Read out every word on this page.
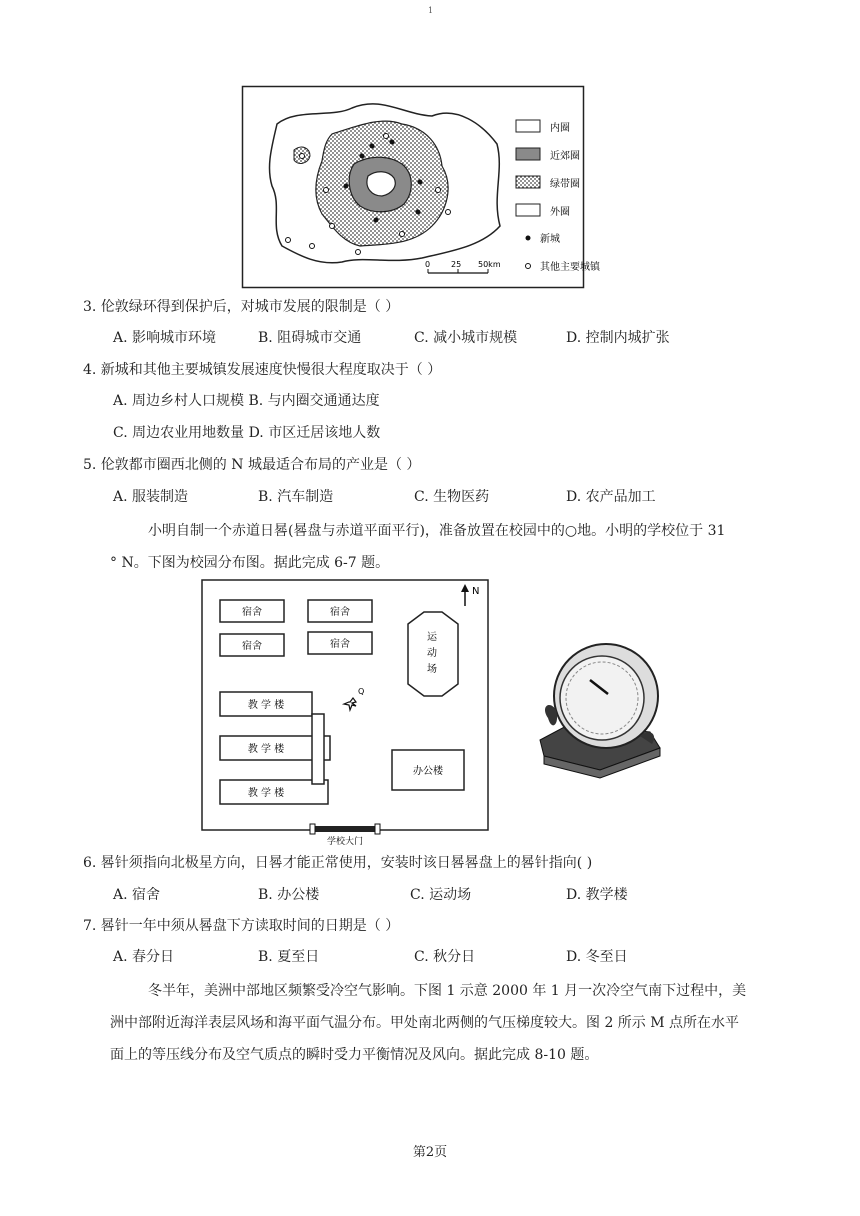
1
内圈
近郊圈
绿带圈
外圈
新城
其他主要城镇
0	25 50km
3. 伦敦绿环得到保护后，对城市发展的限制是（ ）
A. 影响城市环境	B. 阻碍城市交通	C. 减小城市规模	D. 控制内城扩张
4. 新城和其他主要城镇发展速度快慢很大程度取决于（ ）
A. 周边乡村人口规模 B. 与内圈交通通达度
C. 周边农业用地数量 D. 市区迁居该地人数
5. 伦敦都市圈西北侧的 N 城最适合布局的产业是（ ）
A. 服装制造	B. 汽车制造	C. 生物医药	D. 农产品加工
小明自制一个赤道日晷(晷盘与赤道平面平行)，准备放置在校园中的○地。小明的学校位于 31
° N。下图为校园分布图。据此完成 6-7 题。
宿舍	宿舍
宿舍	宿舍
运
动
场
N
教 学 楼
教 学 楼
教 学 楼
Q
办公楼
学校大门
6. 晷针须指向北极星方向，日晷才能正常使用，安装时该日晷晷盘上的晷针指向( )
A. 宿舍	B. 办公楼	C. 运动场	D. 教学楼
7. 晷针一年中须从晷盘下方读取时间的日期是（ ）
A. 春分日	B. 夏至日	C. 秋分日	D. 冬至日
冬半年，美洲中部地区频繁受冷空气影响。下图 1 示意 2000 年 1 月一次冷空气南下过程中，美
洲中部附近海洋表层风场和海平面气温分布。甲处南北两侧的气压梯度较大。图 2 所示 M 点所在水平
面上的等压线分布及空气质点的瞬时受力平衡情况及风向。据此完成 8-10 题。
第2页
